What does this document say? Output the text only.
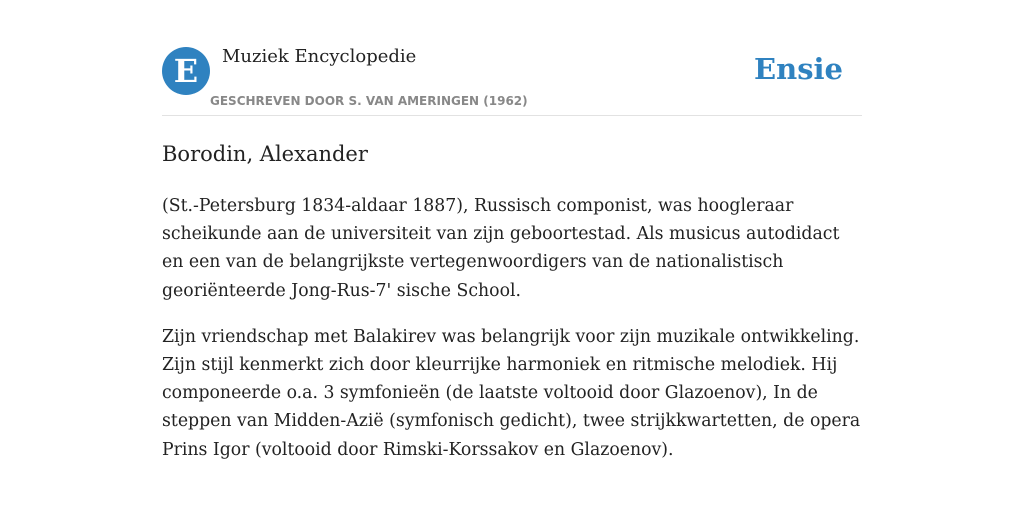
E	Muziek Encyclopedie
GESCHREVEN DOOR S. VAN AMERINGEN (1962)
Ensie
Borodin, Alexander

(St.-Petersburg 1834-aldaar 1887), Russisch componist, was hoogleraar scheikunde aan de universiteit van zijn geboortestad. Als musicus autodidact en een van de belangrijkste vertegenwoordigers van de nationalistisch georiënteerde Jong-Rus-7' sische School.

Zijn vriendschap met Balakirev was belangrijk voor zijn muzikale ontwikkeling. Zijn stijl kenmerkt zich door kleurrijke harmoniek en ritmische melodiek. Hij componeerde o.a. 3 symfonieën (de laatste voltooid door Glazoenov), In de steppen van Midden-Azië (symfonisch gedicht), twee strijkkwartetten, de opera Prins Igor (voltooid door Rimski-Korssakov en Glazoenov).
